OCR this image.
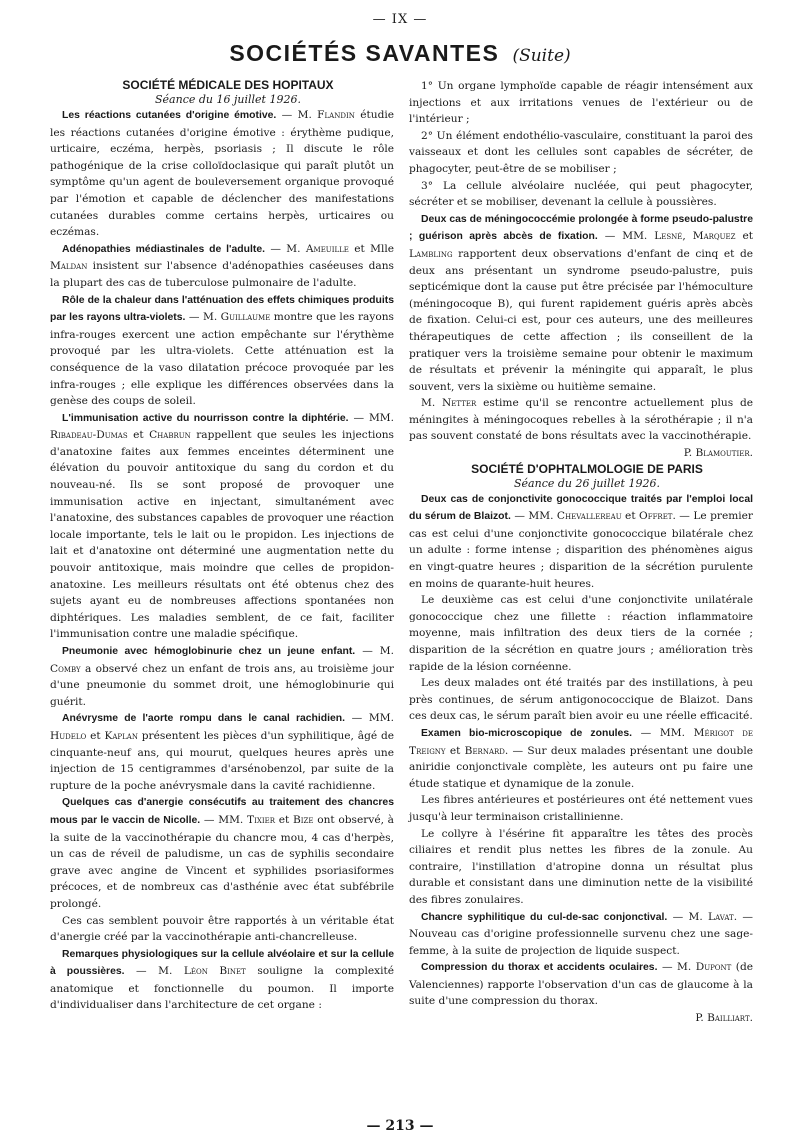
— IX —
SOCIÉTÉS SAVANTES (Suite)

SOCIÉTÉ MÉDICALE DES HOPITAUX

Séance du 16 juillet 1926.

Les réactions cutanées d'origine émotive. — M. Flandin étudie les réactions cutanées d'origine émotive : érythème pudique, urticaire, eczéma, herpès, psoriasis ; Il discute le rôle pathogénique de la crise colloïdoclasique qui paraît plutôt un symptôme qu'un agent de bouleversement organique provoqué par l'émotion et capable de déclencher des manifestations cutanées durables comme certains herpès, urticaires ou eczémas.

Adénopathies médiastinales de l'adulte. — M. Ameuille et Mlle Maldan insistent sur l'absence d'adénopathies caséeuses dans la plupart des cas de tuberculose pulmonaire de l'adulte.

Rôle de la chaleur dans l'atténuation des effets chimiques produits par les rayons ultra-violets. — M. Guillaume montre que les rayons infra-rouges exercent une action empêchante sur l'érythème provoqué par les ultra-violets. Cette atténuation est la conséquence de la vaso dilatation précoce provoquée par les infra-rouges ; elle explique les différences observées dans la genèse des coups de soleil.

L'immunisation active du nourrisson contre la diphtérie. — MM. Ribadeau-Dumas et Chabrun rappellent que seules les injections d'anatoxine faites aux femmes enceintes déterminent une élévation du pouvoir antitoxique du sang du cordon et du nouveau-né. Ils se sont proposé de provoquer une immunisation active en injectant, simultanément avec l'anatoxine, des substances capables de provoquer une réaction locale importante, tels le lait ou le propidon. Les injections de lait et d'anatoxine ont déterminé une augmentation nette du pouvoir antitoxique, mais moindre que celles de propidon-anatoxine. Les meilleurs résultats ont été obtenus chez des sujets ayant eu de nombreuses affections spontanées non diphtériques. Les maladies semblent, de ce fait, faciliter l'immunisation contre une maladie spécifique.

Pneumonie avec hémoglobinurie chez un jeune enfant. — M. Comby a observé chez un enfant de trois ans, au troisième jour d'une pneumonie du sommet droit, une hémoglobinurie qui guérit.

Anévrysme de l'aorte rompu dans le canal rachidien. — MM. Hudelo et Kaplan présentent les pièces d'un syphilitique, âgé de cinquante-neuf ans, qui mourut, quelques heures après une injection de 15 centigrammes d'arsénobenzol, par suite de la rupture de la poche anévrysmale dans la cavité rachidienne.

Quelques cas d'anergie consécutifs au traitement des chancres mous par le vaccin de Nicolle. — MM. Tixier et Bize ont observé, à la suite de la vaccinothérapie du chancre mou, 4 cas d'herpès, un cas de réveil de paludisme, un cas de syphilis secondaire grave avec angine de Vincent et syphilides psoriasiformes précoces, et de nombreux cas d'asthénie avec état subfébrile prolongé.

Ces cas semblent pouvoir être rapportés à un véritable état d'anergie créé par la vaccinothérapie anti-chancrelleuse.

Remarques physiologiques sur la cellule alvéolaire et sur la cellule à poussières. — M. Léon Binet souligne la complexité anatomique et fonctionnelle du poumon. Il importe d'individualiser dans l'architecture de cet organe :

1° Un organe lymphoïde capable de réagir intensément aux injections et aux irritations venues de l'extérieur ou de l'intérieur ;

2° Un élément endothélio-vasculaire, constituant la paroi des vaisseaux et dont les cellules sont capables de sécréter, de phagocyter, peut-être de se mobiliser ;

3° La cellule alvéolaire nucléée, qui peut phagocyter, sécréter et se mobiliser, devenant la cellule à poussières.

Deux cas de méningococcémie prolongée à forme pseudo-palustre ; guérison après abcès de fixation. — MM. Lesné, Marquez et Lambling rapportent deux observations d'enfant de cinq et de deux ans présentant un syndrome pseudo-palustre, puis septicémique dont la cause put être précisée par l'hémoculture (méningocoque B), qui furent rapidement guéris après abcès de fixation. Celui-ci est, pour ces auteurs, une des meilleures thérapeutiques de cette affection ; ils conseillent de la pratiquer vers la troisième semaine pour obtenir le maximum de résultats et prévenir la méningite qui apparaît, le plus souvent, vers la sixième ou huitième semaine.

M. Netter estime qu'il se rencontre actuellement plus de méningites à méningocoques rebelles à la sérothérapie ; il n'a pas souvent constaté de bons résultats avec la vaccinothérapie.

P. Blamoutier.

SOCIÉTÉ D'OPHTALMOLOGIE DE PARIS

Séance du 26 juillet 1926.

Deux cas de conjonctivite gonococcique traités par l'emploi local du sérum de Blaizot. — MM. Chevallereau et Offret. — Le premier cas est celui d'une conjonctivite gonococcique bilatérale chez un adulte : forme intense ; disparition des phénomènes aigus en vingt-quatre heures ; disparition de la sécrétion purulente en moins de quarante-huit heures.

Le deuxième cas est celui d'une conjonctivite unilatérale gonococcique chez une fillette : réaction inflammatoire moyenne, mais infiltration des deux tiers de la cornée ; disparition de la sécrétion en quatre jours ; amélioration très rapide de la lésion cornéenne.

Les deux malades ont été traités par des instillations, à peu près continues, de sérum antigonococcique de Blaizot. Dans ces deux cas, le sérum paraît bien avoir eu une réelle efficacité.

Examen bio-microscopique de zonules. — MM. Mérigot de Treigny et Bernard. — Sur deux malades présentant une double aniridie conjonctivale complète, les auteurs ont pu faire une étude statique et dynamique de la zonule.

Les fibres antérieures et postérieures ont été nettement vues jusqu'à leur terminaison cristallinienne.

Le collyre à l'ésérine fit apparaître les têtes des procès ciliaires et rendit plus nettes les fibres de la zonule. Au contraire, l'instillation d'atropine donna un résultat plus durable et consistant dans une diminution nette de la visibilité des fibres zonulaires.

Chancre syphilitique du cul-de-sac conjonctival. — M. Lavat. — Nouveau cas d'origine professionnelle survenu chez une sage-femme, à la suite de projection de liquide suspect.

Compression du thorax et accidents oculaires. — M. Dupont (de Valenciennes) rapporte l'observation d'un cas de glaucome à la suite d'une compression du thorax.

P. Bailliart.

— 213 —
